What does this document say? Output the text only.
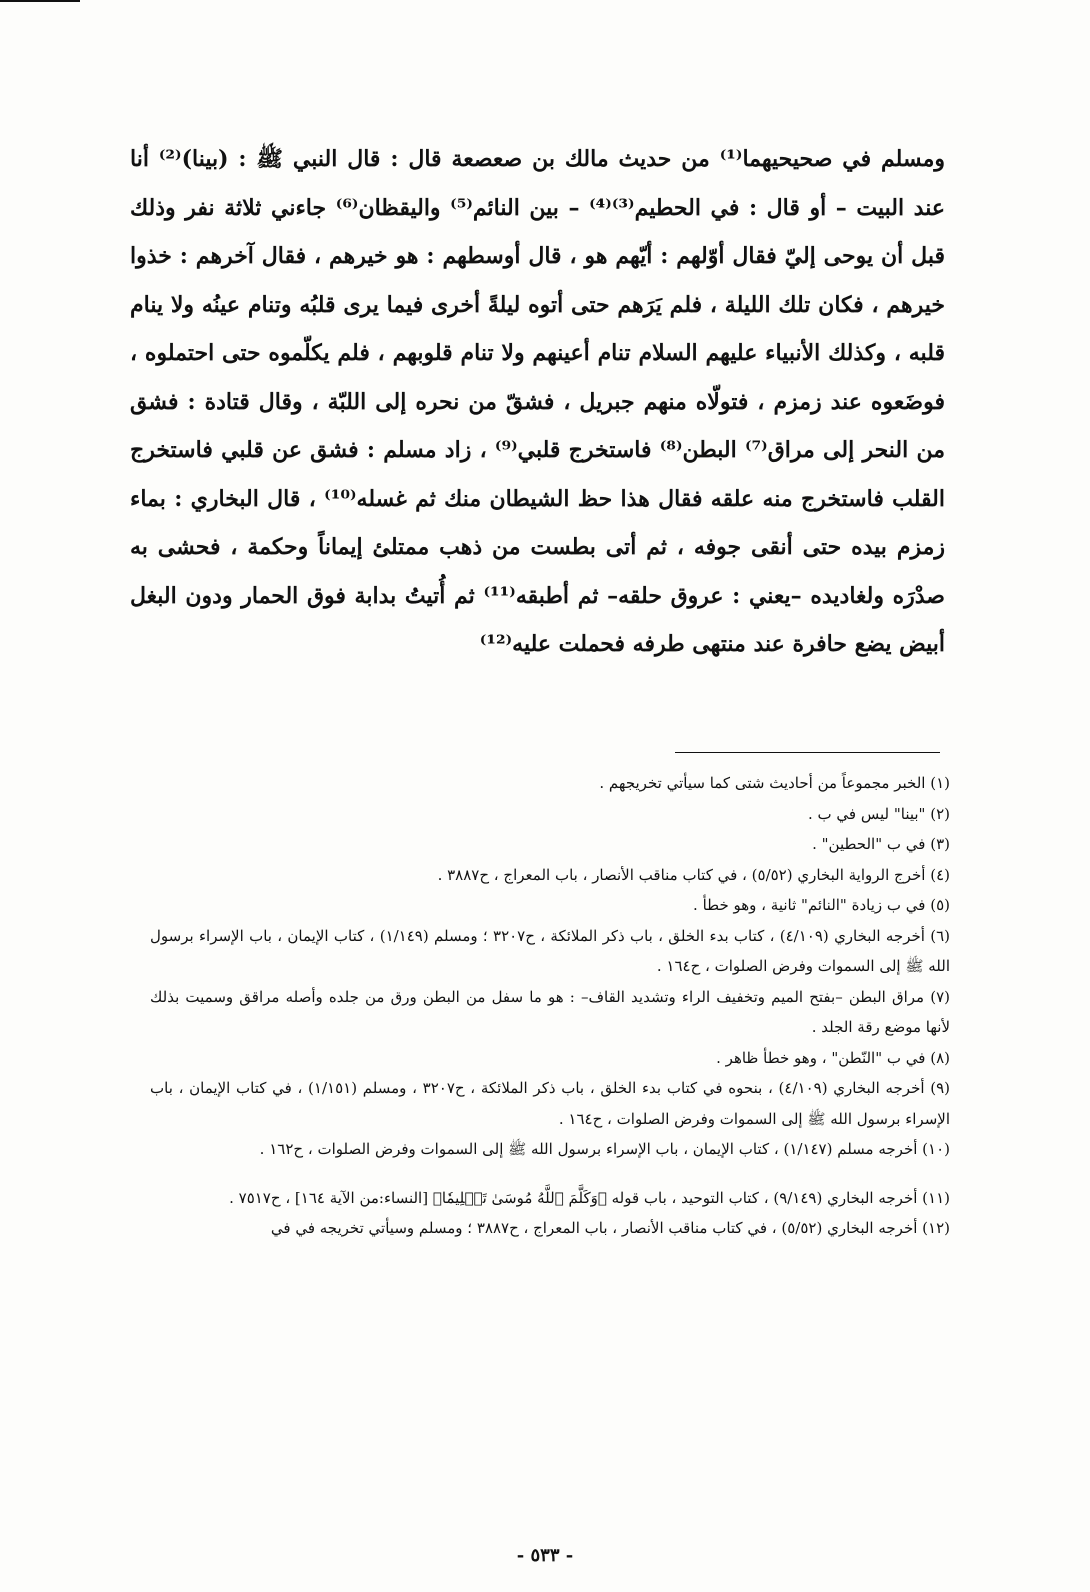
ومسلم في صحيحيهما⁽¹⁾ من حديث مالك بن صعصعة قال : قال النبي ﷺ : (بينا)⁽²⁾ أنا عند البيت – أو قال : في الحطيم⁽³⁾⁽⁴⁾ – بين النائم⁽⁵⁾ واليقظان⁽⁶⁾ جاءني ثلاثة نفر وذلك قبل أن يوحى إليّ فقال أوّلهم : أيّهم هو ، قال أوسطهم : هو خيرهم ، فقال آخرهم : خذوا خيرهم ، فكان تلك الليلة ، فلم يَرَهم حتى أتوه ليلةً أخرى فيما يرى قلبُه وتنام عينُه ولا ينام قلبه ، وكذلك الأنبياء عليهم السلام تنام أعينهم ولا تنام قلوبهم ، فلم يكلّموه حتى احتملوه ، فوضَعوه عند زمزم ، فتولّاه منهم جبريل ، فشقّ من نحره إلى اللبّة ، وقال قتادة : فشق من النحر إلى مراق⁽⁷⁾ البطن⁽⁸⁾ فاستخرج قلبي⁽⁹⁾ ، زاد مسلم : فشق عن قلبي فاستخرج القلب فاستخرج منه علقه فقال هذا حظ الشيطان منك ثم غسله⁽¹⁰⁾ ، قال البخاري : بماء زمزم بيده حتى أنقى جوفه ، ثم أتى بطست من ذهب ممتلئ إيماناً وحكمة ، فحشى به صدْرَه ولغاديده –يعني : عروق حلقه– ثم أطبقه⁽¹¹⁾ ثم أُتيتُ بدابة فوق الحمار ودون البغل أبيض يضع حافرة عند منتهى طرفه فحملت عليه⁽¹²⁾

(١) الخبر مجموعاً من أحاديث شتى كما سيأتي تخريجهم .

(٢) "بينا" ليس في ب .

(٣) في ب "الحطين" .

(٤) أخرج الرواية البخاري (٥/٥٢) ، في كتاب مناقب الأنصار ، باب المعراج ، ح٣٨٨٧ .

(٥) في ب زيادة "النائم" ثانية ، وهو خطأ .

(٦) أخرجه البخاري (٤/١٠٩) ، كتاب بدء الخلق ، باب ذكر الملائكة ، ح٣٢٠٧ ؛ ومسلم (١/١٤٩) ، كتاب الإيمان ، باب الإسراء برسول الله ﷺ إلى السموات وفرض الصلوات ، ح١٦٤ .

(٧) مراق البطن –بفتح الميم وتخفيف الراء وتشديد القاف– : هو ما سفل من البطن ورق من جلده وأصله مراقق وسميت بذلك لأنها موضع رقة الجلد .

(٨) في ب "النّطن" ، وهو خطأ ظاهر .

(٩) أخرجه البخاري (٤/١٠٩) ، بنحوه في كتاب بدء الخلق ، باب ذكر الملائكة ، ح٣٢٠٧ ، ومسلم (١/١٥١) ، في كتاب الإيمان ، باب الإسراء برسول الله ﷺ إلى السموات وفرض الصلوات ، ح١٦٤ .

(١٠) أخرجه مسلم (١/١٤٧) ، كتاب الإيمان ، باب الإسراء برسول الله ﷺ إلى السموات وفرض الصلوات ، ح١٦٢ .

(١١) أخرجه البخاري (٩/١٤٩) ، كتاب التوحيد ، باب قوله ﴿وَكَلَّمَ ٱللَّهُ مُوسَىٰ تَكۡلِيمٗا﴾ [النساء:من الآية ١٦٤] ، ح٧٥١٧ .

(١٢) أخرجه البخاري (٥/٥٢) ، في كتاب مناقب الأنصار ، باب المعراج ، ح٣٨٨٧ ؛ ومسلم وسيأتي تخريجه في في

- ٥٣٣ -
